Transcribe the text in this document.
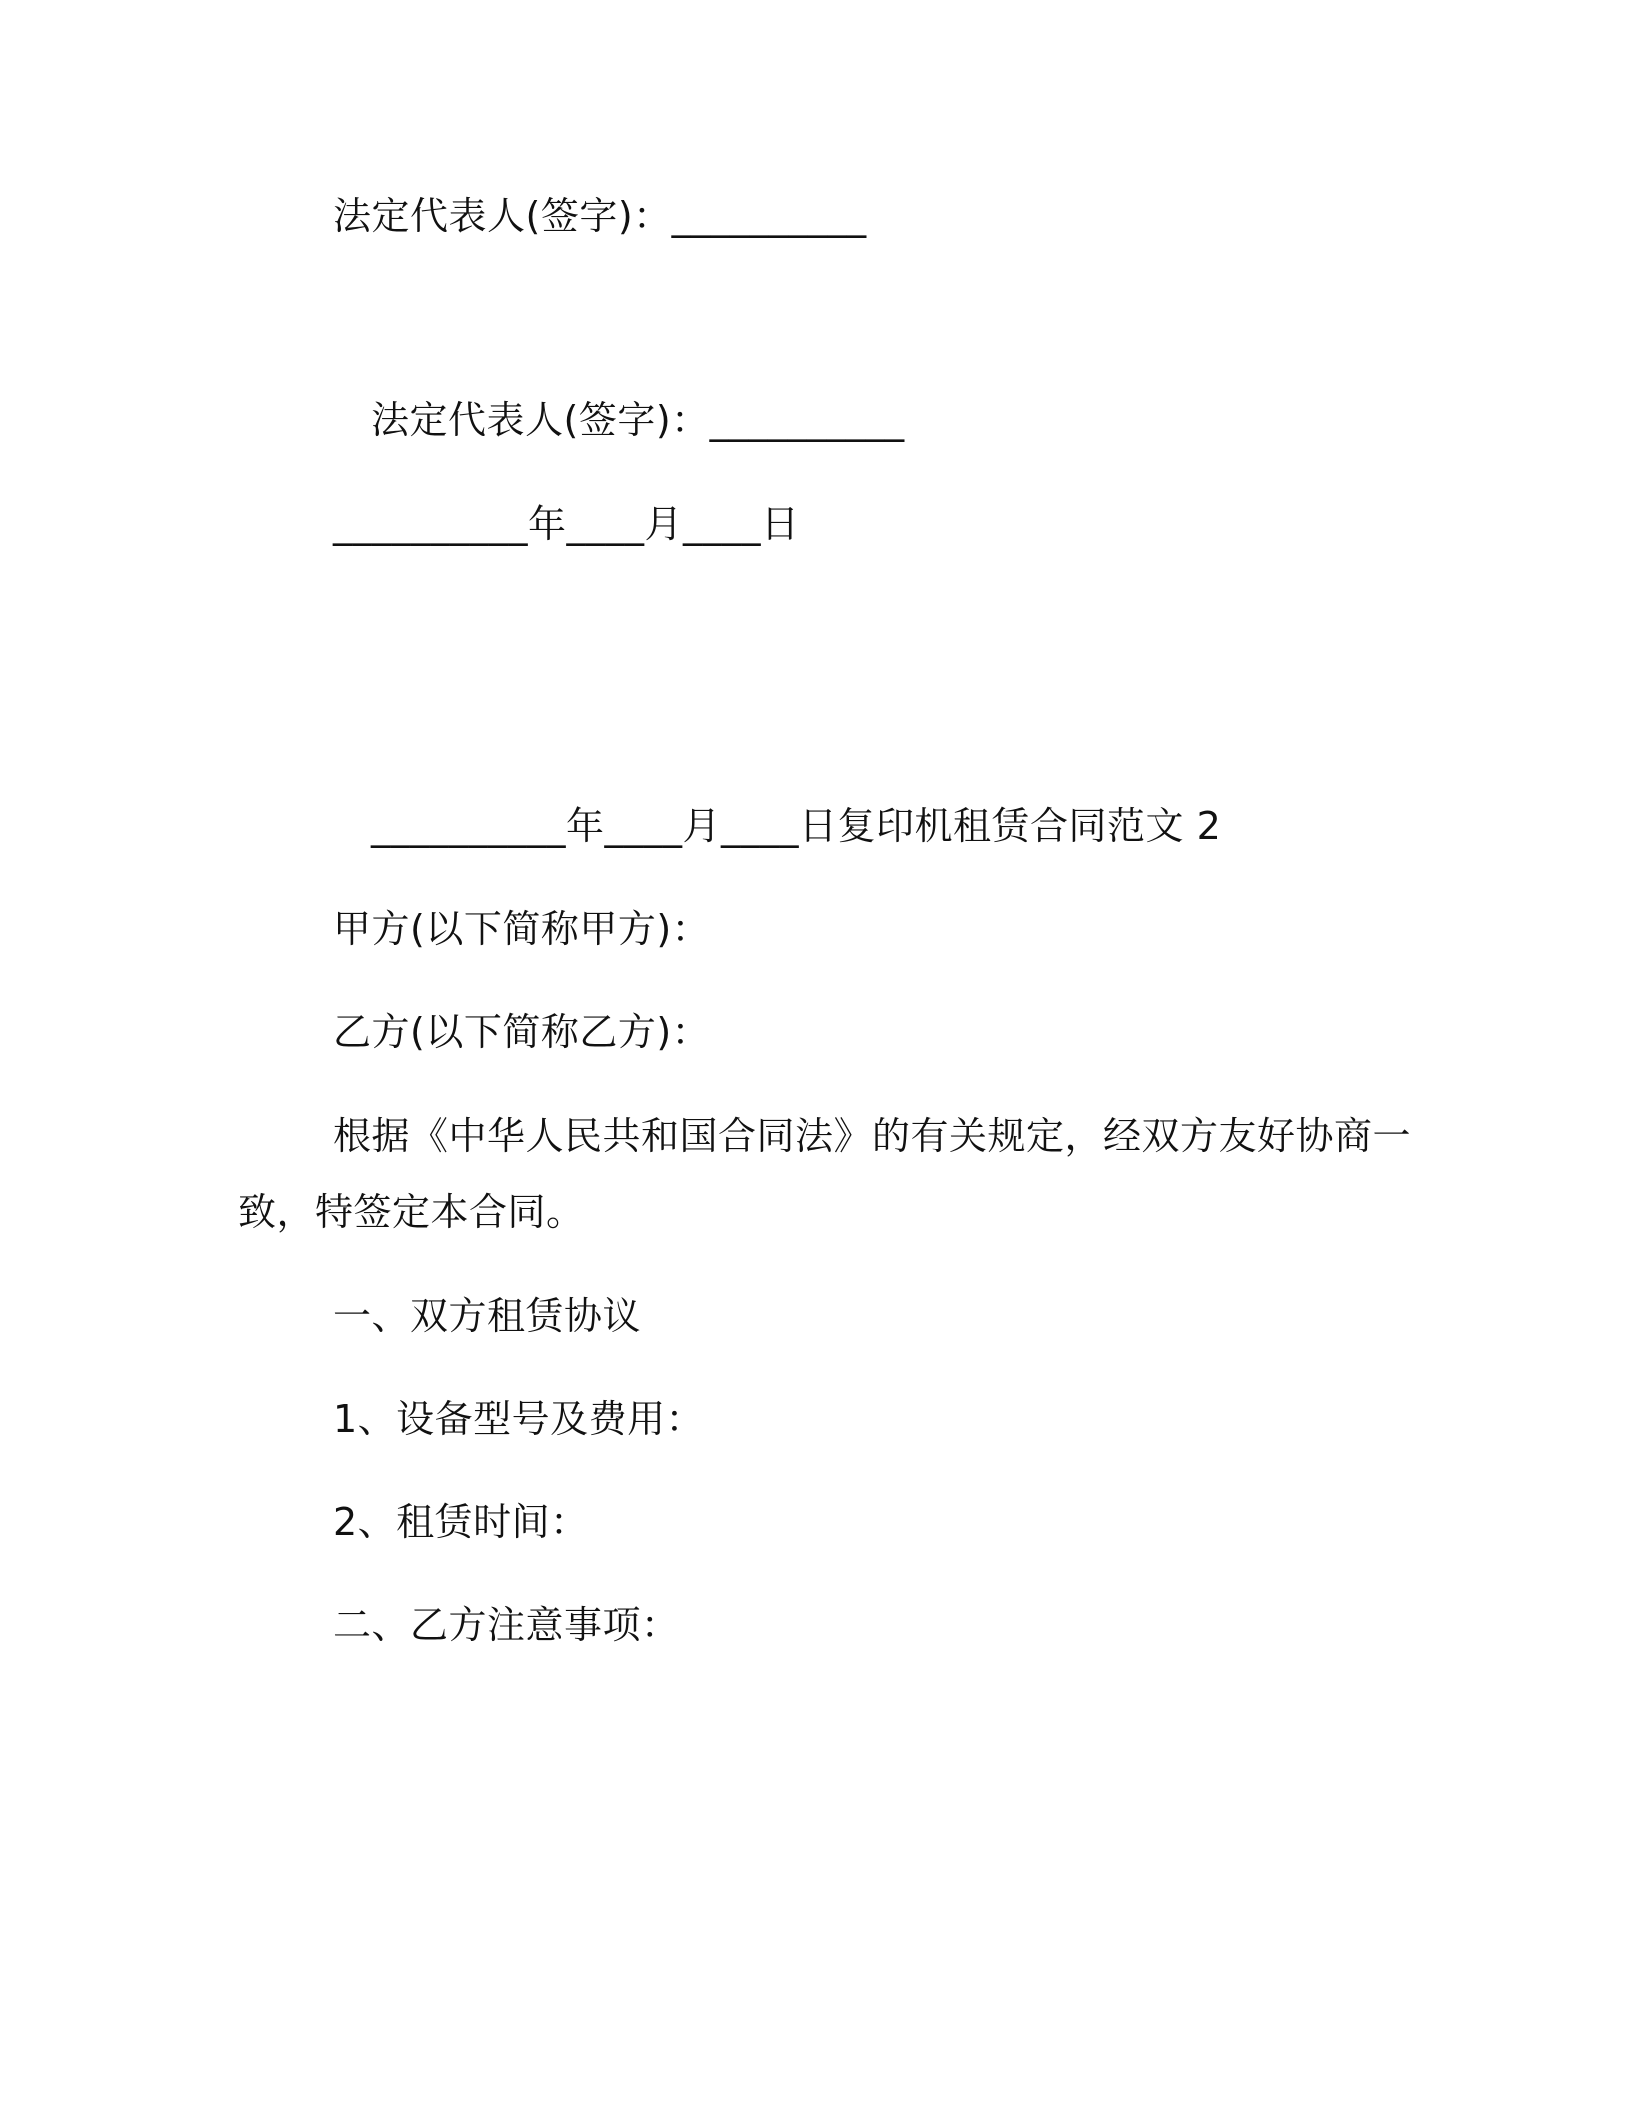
法定代表人(签字)：__________
法定代表人(签字)：__________
__________年____月____日
__________年____月____日复印机租赁合同范文 2
甲方(以下简称甲方)：
乙方(以下简称乙方)：
根据《中华人民共和国合同法》的有关规定，经双方友好协商一
致，特签定本合同。
一、双方租赁协议
1、设备型号及费用：
2、租赁时间：
二、乙方注意事项：
